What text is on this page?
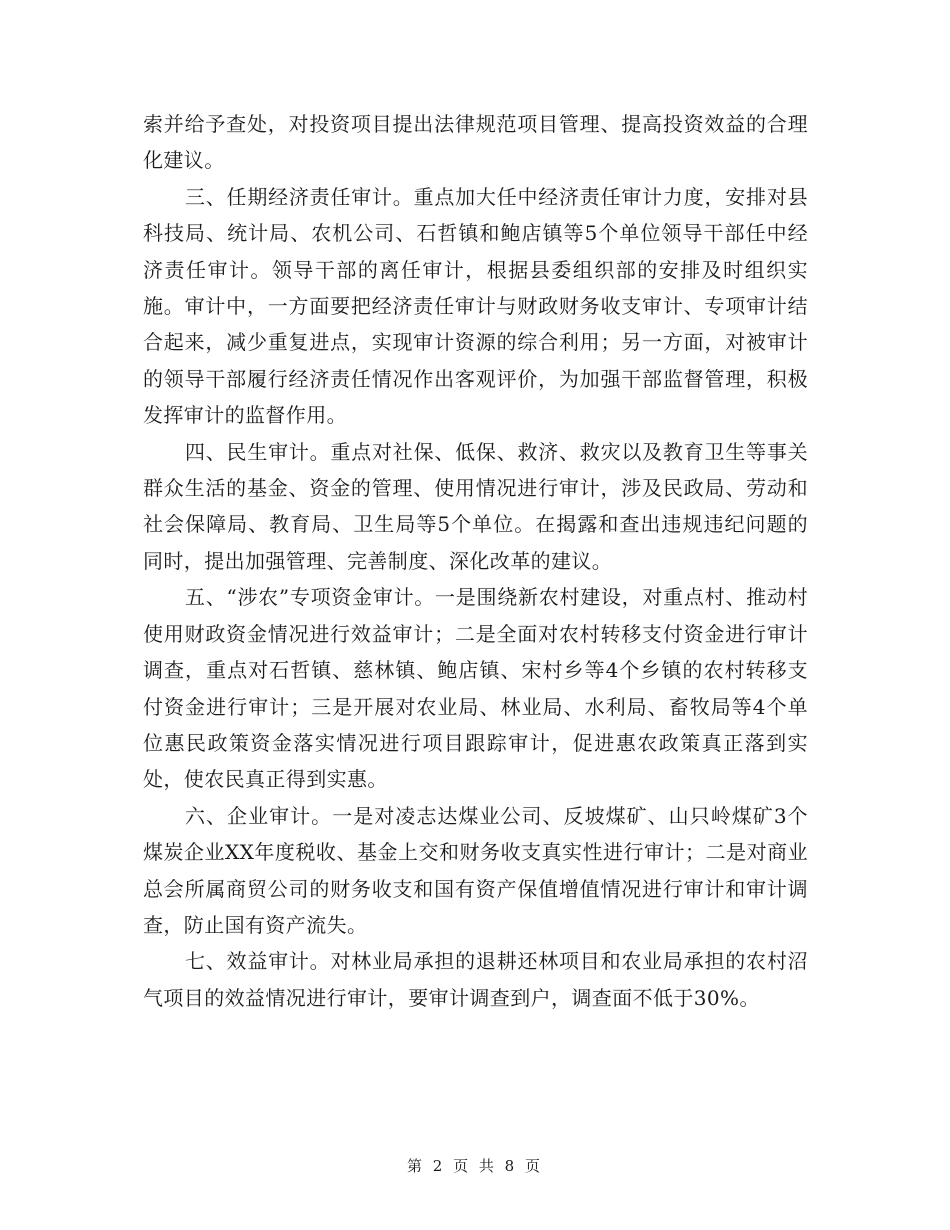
索并给予查处，对投资项目提出法律规范项目管理、提高投资效益的合理化建议。

三、任期经济责任审计。重点加大任中经济责任审计力度，安排对县科技局、统计局、农机公司、石哲镇和鲍店镇等5个单位领导干部任中经济责任审计。领导干部的离任审计，根据县委组织部的安排及时组织实施。审计中，一方面要把经济责任审计与财政财务收支审计、专项审计结合起来，减少重复进点，实现审计资源的综合利用；另一方面，对被审计的领导干部履行经济责任情况作出客观评价，为加强干部监督管理，积极发挥审计的监督作用。

四、民生审计。重点对社保、低保、救济、救灾以及教育卫生等事关群众生活的基金、资金的管理、使用情况进行审计，涉及民政局、劳动和社会保障局、教育局、卫生局等5个单位。在揭露和查出违规违纪问题的同时，提出加强管理、完善制度、深化改革的建议。

五、“涉农”专项资金审计。一是围绕新农村建设，对重点村、推动村使用财政资金情况进行效益审计；二是全面对农村转移支付资金进行审计调查，重点对石哲镇、慈林镇、鲍店镇、宋村乡等4个乡镇的农村转移支付资金进行审计；三是开展对农业局、林业局、水利局、畜牧局等4个单位惠民政策资金落实情况进行项目跟踪审计，促进惠农政策真正落到实处，使农民真正得到实惠。

六、企业审计。一是对凌志达煤业公司、反坡煤矿、山只岭煤矿3个煤炭企业XX年度税收、基金上交和财务收支真实性进行审计；二是对商业总会所属商贸公司的财务收支和国有资产保值增值情况进行审计和审计调查，防止国有资产流失。

七、效益审计。对林业局承担的退耕还林项目和农业局承担的农村沼气项目的效益情况进行审计，要审计调查到户，调查面不低于30%。

第 2 页 共 8 页
